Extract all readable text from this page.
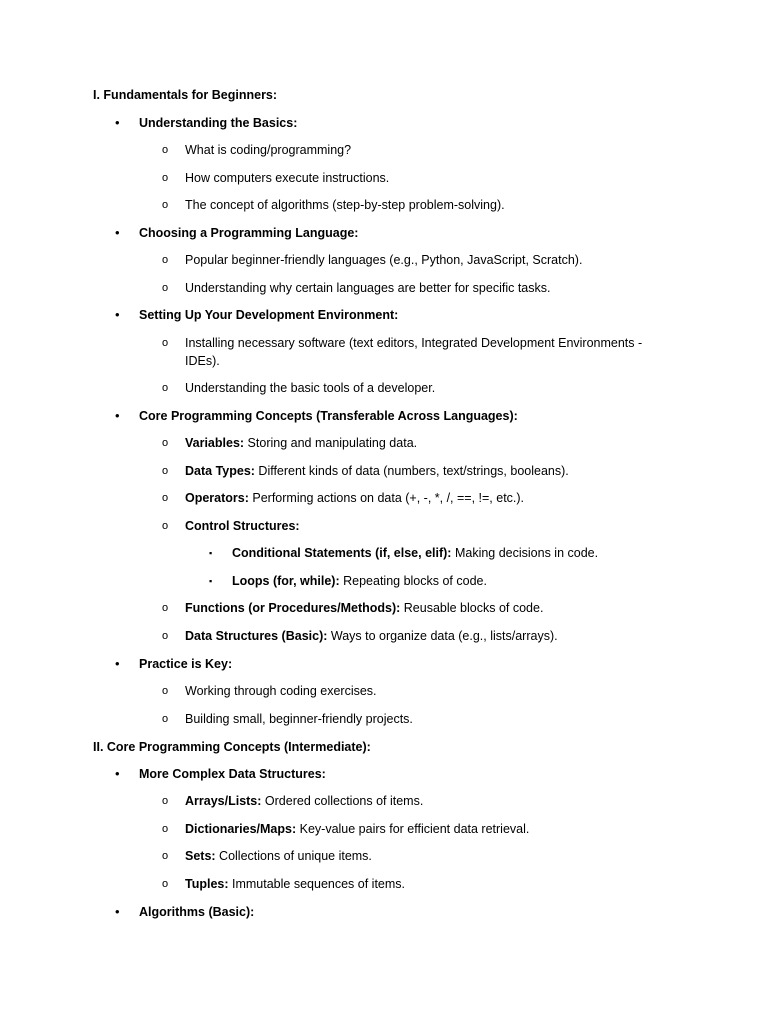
I. Fundamentals for Beginners:
• Understanding the Basics:
o What is coding/programming?
o How computers execute instructions.
o The concept of algorithms (step-by-step problem-solving).
• Choosing a Programming Language:
o Popular beginner-friendly languages (e.g., Python, JavaScript, Scratch).
o Understanding why certain languages are better for specific tasks.
• Setting Up Your Development Environment:
o Installing necessary software (text editors, Integrated Development Environments - IDEs).
o Understanding the basic tools of a developer.
• Core Programming Concepts (Transferable Across Languages):
o Variables: Storing and manipulating data.
o Data Types: Different kinds of data (numbers, text/strings, booleans).
o Operators: Performing actions on data (+, -, *, /, ==, !=, etc.).
o Control Structures:
▪ Conditional Statements (if, else, elif): Making decisions in code.
▪ Loops (for, while): Repeating blocks of code.
o Functions (or Procedures/Methods): Reusable blocks of code.
o Data Structures (Basic): Ways to organize data (e.g., lists/arrays).
• Practice is Key:
o Working through coding exercises.
o Building small, beginner-friendly projects.
II. Core Programming Concepts (Intermediate):
• More Complex Data Structures:
o Arrays/Lists: Ordered collections of items.
o Dictionaries/Maps: Key-value pairs for efficient data retrieval.
o Sets: Collections of unique items.
o Tuples: Immutable sequences of items.
• Algorithms (Basic):
